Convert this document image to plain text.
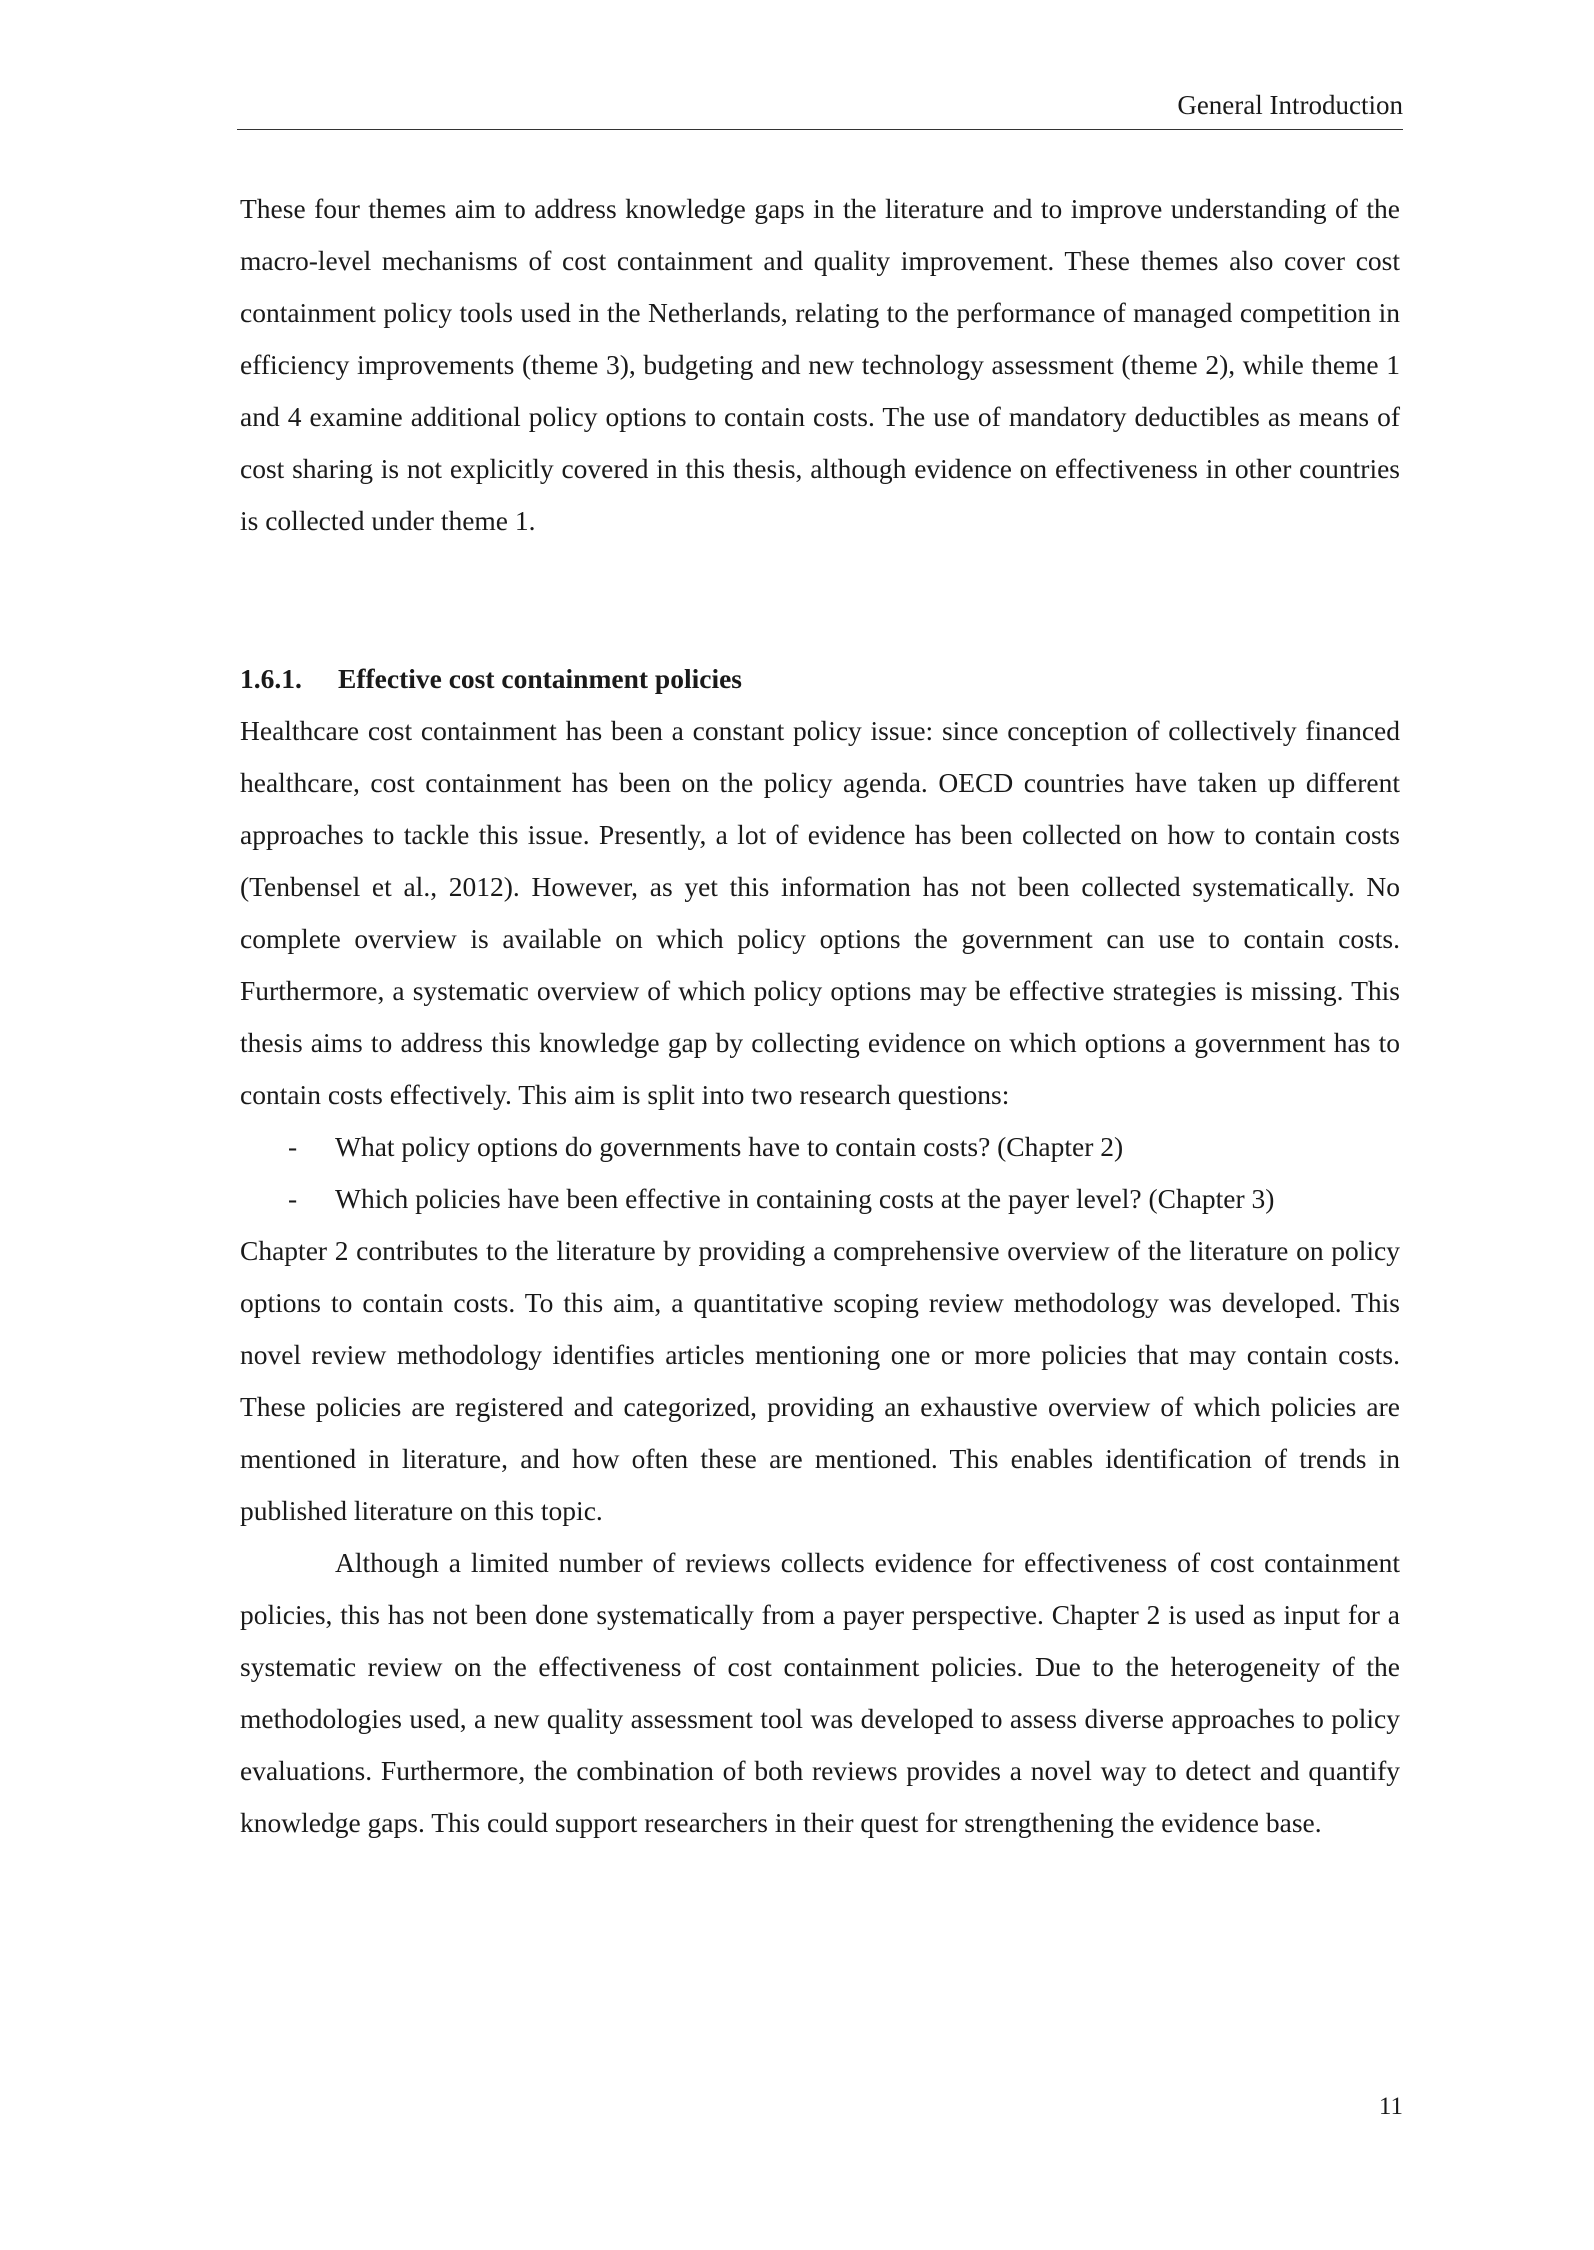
General Introduction

These four themes aim to address knowledge gaps in the literature and to improve understanding of the macro-level mechanisms of cost containment and quality improvement. These themes also cover cost containment policy tools used in the Netherlands, relating to the performance of managed competition in efficiency improvements (theme 3), budgeting and new technology assessment (theme 2), while theme 1 and 4 examine additional policy options to contain costs. The use of mandatory deductibles as means of cost sharing is not explicitly covered in this thesis, although evidence on effectiveness in other countries is collected under theme 1.

1.6.1. Effective cost containment policies

Healthcare cost containment has been a constant policy issue: since conception of collectively financed healthcare, cost containment has been on the policy agenda. OECD countries have taken up different approaches to tackle this issue. Presently, a lot of evidence has been collected on how to contain costs (Tenbensel et al., 2012). However, as yet this information has not been collected systematically. No complete overview is available on which policy options the government can use to contain costs. Furthermore, a systematic overview of which policy options may be effective strategies is missing. This thesis aims to address this knowledge gap by collecting evidence on which options a government has to contain costs effectively. This aim is split into two research questions:

- What policy options do governments have to contain costs? (Chapter 2)
- Which policies have been effective in containing costs at the payer level? (Chapter 3)

Chapter 2 contributes to the literature by providing a comprehensive overview of the literature on policy options to contain costs. To this aim, a quantitative scoping review methodology was developed. This novel review methodology identifies articles mentioning one or more policies that may contain costs. These policies are registered and categorized, providing an exhaustive overview of which policies are mentioned in literature, and how often these are mentioned. This enables identification of trends in published literature on this topic.

Although a limited number of reviews collects evidence for effectiveness of cost containment policies, this has not been done systematically from a payer perspective. Chapter 2 is used as input for a systematic review on the effectiveness of cost containment policies. Due to the heterogeneity of the methodologies used, a new quality assessment tool was developed to assess diverse approaches to policy evaluations. Furthermore, the combination of both reviews provides a novel way to detect and quantify knowledge gaps. This could support researchers in their quest for strengthening the evidence base.

11
